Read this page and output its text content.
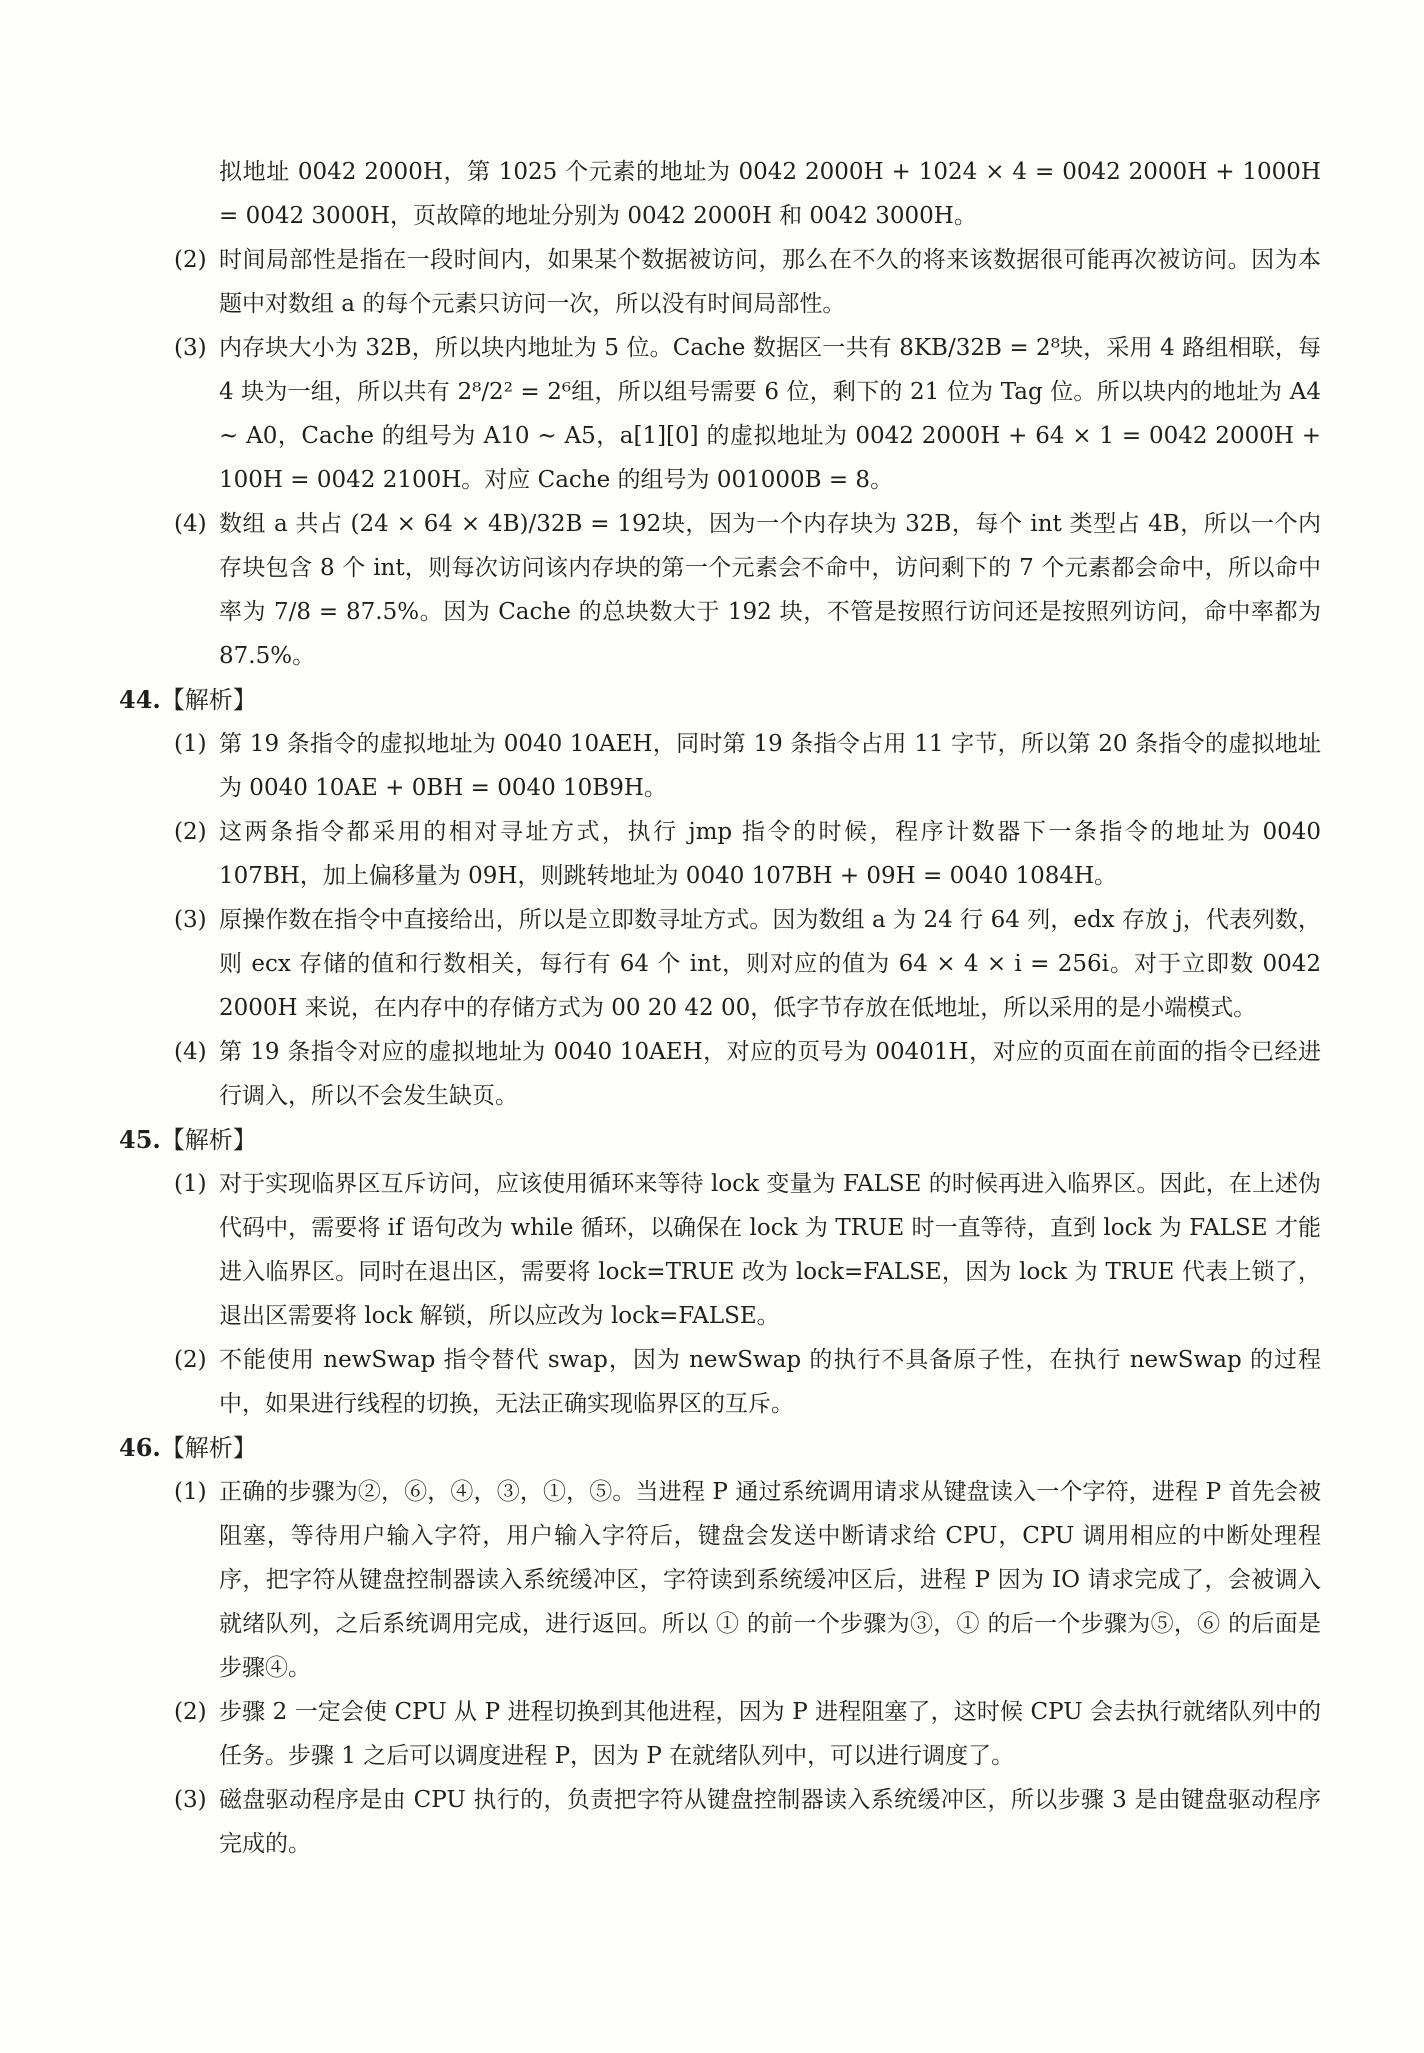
拟地址 0042 2000H，第 1025 个元素的地址为 0042 2000H + 1024 × 4 = 0042 2000H + 1000H = 0042 3000H，页故障的地址分别为 0042 2000H 和 0042 3000H。

(2) 时间局部性是指在一段时间内，如果某个数据被访问，那么在不久的将来该数据很可能再次被访问。因为本题中对数组 a 的每个元素只访问一次，所以没有时间局部性。
(3) 内存块大小为 32B，所以块内地址为 5 位。Cache 数据区一共有 8KB/32B = 2⁸块，采用 4 路组相联，每 4 块为一组，所以共有 2⁸/2² = 2⁶组，所以组号需要 6 位，剩下的 21 位为 Tag 位。所以块内的地址为 A4 ~ A0，Cache 的组号为 A10 ~ A5，a[1][0] 的虚拟地址为 0042 2000H + 64 × 1 = 0042 2000H + 100H = 0042 2100H。对应 Cache 的组号为 001000B = 8。
(4) 数组 a 共占 (24 × 64 × 4B)/32B = 192块，因为一个内存块为 32B，每个 int 类型占 4B，所以一个内存块包含 8 个 int，则每次访问该内存块的第一个元素会不命中，访问剩下的 7 个元素都会命中，所以命中率为 7/8 = 87.5%。因为 Cache 的总块数大于 192 块，不管是按照行访问还是按照列访问，命中率都为 87.5%。
44.【解析】
(1) 第 19 条指令的虚拟地址为 0040 10AEH，同时第 19 条指令占用 11 字节，所以第 20 条指令的虚拟地址为 0040 10AE + 0BH = 0040 10B9H。
(2) 这两条指令都采用的相对寻址方式，执行 jmp 指令的时候，程序计数器下一条指令的地址为 0040 107BH，加上偏移量为 09H，则跳转地址为 0040 107BH + 09H = 0040 1084H。
(3) 原操作数在指令中直接给出，所以是立即数寻址方式。因为数组 a 为 24 行 64 列，edx 存放 j，代表列数，则 ecx 存储的值和行数相关，每行有 64 个 int，则对应的值为 64 × 4 × i = 256i。对于立即数 0042 2000H 来说，在内存中的存储方式为 00 20 42 00，低字节存放在低地址，所以采用的是小端模式。
(4) 第 19 条指令对应的虚拟地址为 0040 10AEH，对应的页号为 00401H，对应的页面在前面的指令已经进行调入，所以不会发生缺页。
45.【解析】
(1) 对于实现临界区互斥访问，应该使用循环来等待 lock 变量为 FALSE 的时候再进入临界区。因此，在上述伪代码中，需要将 if 语句改为 while 循环，以确保在 lock 为 TRUE 时一直等待，直到 lock 为 FALSE 才能进入临界区。同时在退出区，需要将 lock=TRUE 改为 lock=FALSE，因为 lock 为 TRUE 代表上锁了，退出区需要将 lock 解锁，所以应改为 lock=FALSE。
(2) 不能使用 newSwap 指令替代 swap，因为 newSwap 的执行不具备原子性，在执行 newSwap 的过程中，如果进行线程的切换，无法正确实现临界区的互斥。
46.【解析】
(1) 正确的步骤为②，⑥，④，③，①，⑤。当进程 P 通过系统调用请求从键盘读入一个字符，进程 P 首先会被阻塞，等待用户输入字符，用户输入字符后，键盘会发送中断请求给 CPU，CPU 调用相应的中断处理程序，把字符从键盘控制器读入系统缓冲区，字符读到系统缓冲区后，进程 P 因为 IO 请求完成了，会被调入就绪队列，之后系统调用完成，进行返回。所以 ① 的前一个步骤为③，① 的后一个步骤为⑤，⑥ 的后面是步骤④。
(2) 步骤 2 一定会使 CPU 从 P 进程切换到其他进程，因为 P 进程阻塞了，这时候 CPU 会去执行就绪队列中的任务。步骤 1 之后可以调度进程 P，因为 P 在就绪队列中，可以进行调度了。
(3) 磁盘驱动程序是由 CPU 执行的，负责把字符从键盘控制器读入系统缓冲区，所以步骤 3 是由键盘驱动程序完成的。
